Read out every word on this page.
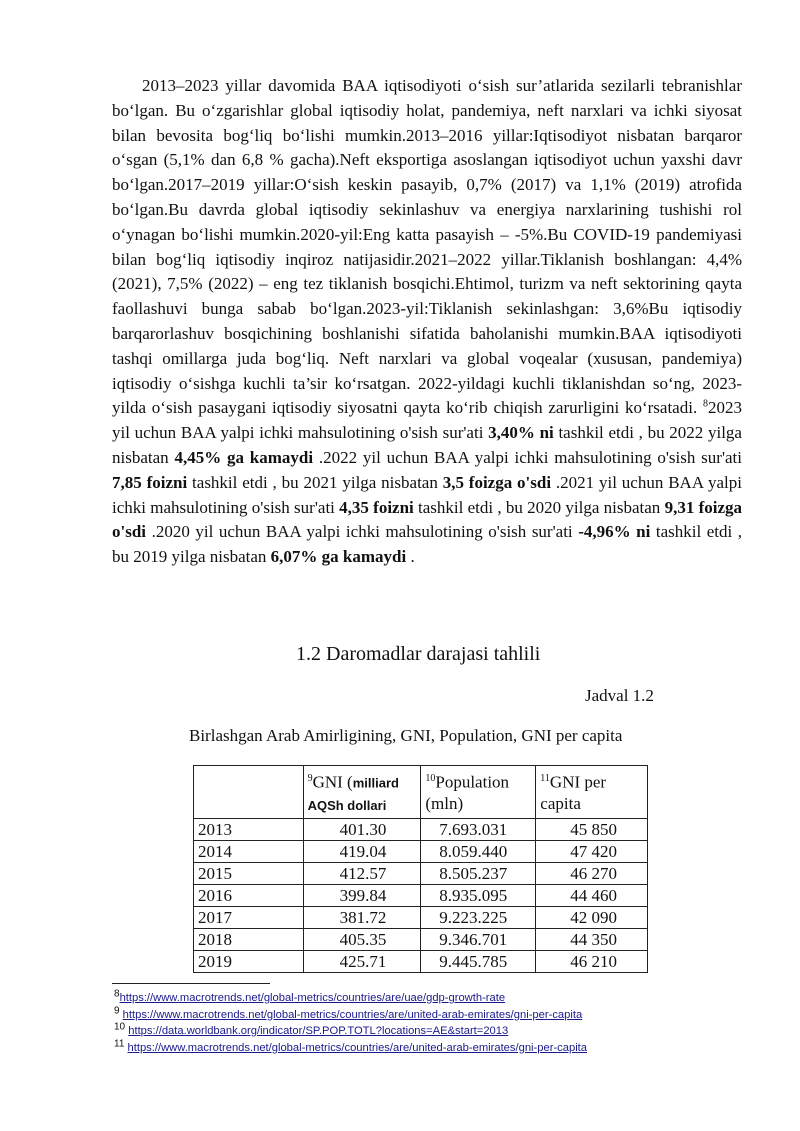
2013–2023 yillar davomida BAA iqtisodiyoti o‘sish sur’atlarida sezilarli tebranishlar bo‘lgan. Bu o‘zgarishlar global iqtisodiy holat, pandemiya, neft narxlari va ichki siyosat bilan bevosita bog‘liq bo‘lishi mumkin.2013–2016 yillar:Iqtisodiyot nisbatan barqaror o‘sgan (5,1% dan 6,8 % gacha).Neft eksportiga asoslangan iqtisodiyot uchun yaxshi davr bo‘lgan.2017–2019 yillar:O‘sish keskin pasayib, 0,7% (2017) va 1,1% (2019) atrofida bo‘lgan.Bu davrda global iqtisodiy sekinlashuv va energiya narxlarining tushishi rol o‘ynagan bo‘lishi mumkin.2020-yil:Eng katta pasayish – -5%.Bu COVID-19 pandemiyasi bilan bog‘liq iqtisodiy inqiroz natijasidir.2021–2022 yillar.Tiklanish boshlangan: 4,4% (2021), 7,5% (2022) – eng tez tiklanish bosqichi.Ehtimol, turizm va neft sektorining qayta faollashuvi bunga sabab bo‘lgan.2023-yil:Tiklanish sekinlashgan: 3,6%Bu iqtisodiy barqarorlashuv bosqichining boshlanishi sifatida baholanishi mumkin.BAA iqtisodiyoti tashqi omillarga juda bog‘liq. Neft narxlari va global voqealar (xususan, pandemiya) iqtisodiy o‘sishga kuchli ta’sir ko‘rsatgan. 2022-yildagi kuchli tiklanishdan so‘ng, 2023-yilda o‘sish pasaygani iqtisodiy siyosatni qayta ko‘rib chiqish zarurligini ko‘rsatadi. $^8$2023 yil uchun BAA yalpi ichki mahsulotining o'sish sur'ati 3,40% ni tashkil etdi , bu 2022 yilga nisbatan 4,45% ga kamaydi .2022 yil uchun BAA yalpi ichki mahsulotining o'sish sur'ati 7,85 foizni tashkil etdi , bu 2021 yilga nisbatan 3,5 foizga o'sdi .2021 yil uchun BAA yalpi ichki mahsulotining o'sish sur'ati 4,35 foizni tashkil etdi , bu 2020 yilga nisbatan 9,31 foizga o'sdi .2020 yil uchun BAA yalpi ichki mahsulotining o'sish sur'ati -4,96% ni tashkil etdi , bu 2019 yilga nisbatan 6,07% ga kamaydi .

1.2 Daromadlar darajasi tahlili
Jadval 1.2
Birlashgan Arab Amirligining, GNI, Population, GNI per capita
	$^9$GNI (milliard AQSh dollari	$^{10}$Population (mln)	$^{11}$GNI per capita
2013	401.30	7.693.031	45 850
2014	419.04	8.059.440	47 420
2015	412.57	8.505.237	46 270
2016	399.84	8.935.095	44 460
2017	381.72	9.223.225	42 090
2018	405.35	9.346.701	44 350
2019	425.71	9.445.785	46 210
$^8$https://www.macrotrends.net/global-metrics/countries/are/uae/gdp-growth-rate
$^9$ https://www.macrotrends.net/global-metrics/countries/are/united-arab-emirates/gni-per-capita
$^{10}$ https://data.worldbank.org/indicator/SP.POP.TOTL?locations=AE&start=2013
$^{11}$ https://www.macrotrends.net/global-metrics/countries/are/united-arab-emirates/gni-per-capita
